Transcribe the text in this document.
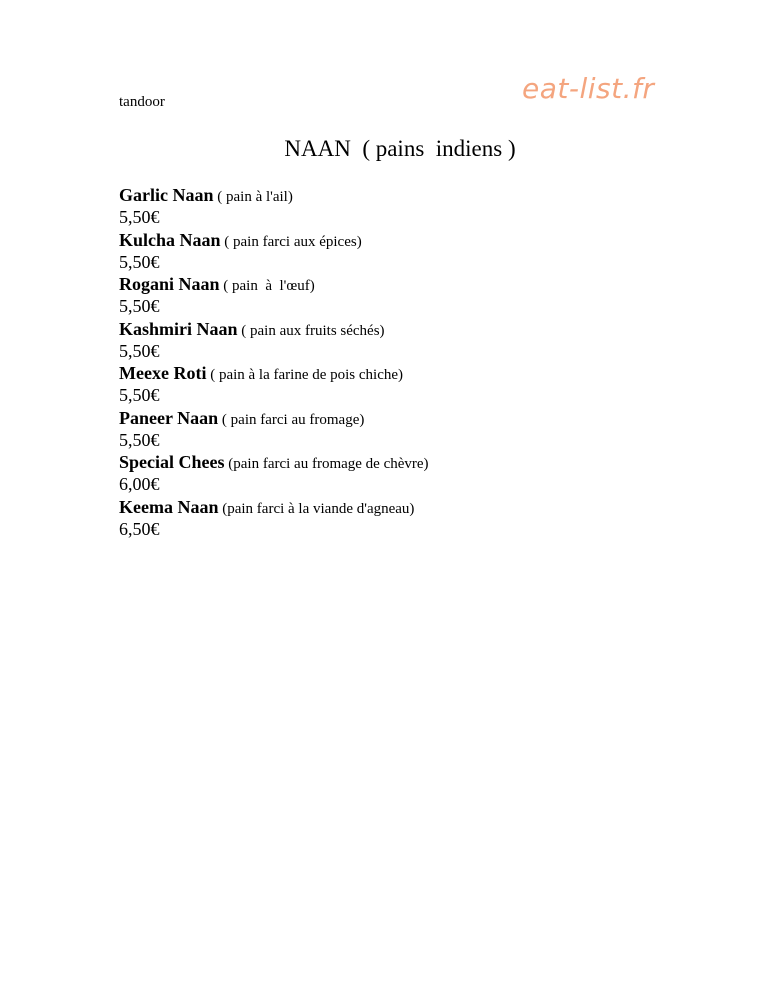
tandoor	eat-list.fr
NAAN  ( pains  indiens )
Garlic Naan ( pain à l'ail)
5,50€
Kulcha Naan ( pain farci aux épices)
5,50€
Rogani Naan ( pain  à  l'œuf)
5,50€
Kashmiri Naan ( pain aux fruits séchés)
5,50€
Meexe Roti ( pain à la farine de pois chiche)
5,50€
Paneer Naan ( pain farci au fromage)
5,50€
Special Chees (pain farci au fromage de chèvre)
6,00€
Keema Naan (pain farci à la viande d'agneau)
6,50€
